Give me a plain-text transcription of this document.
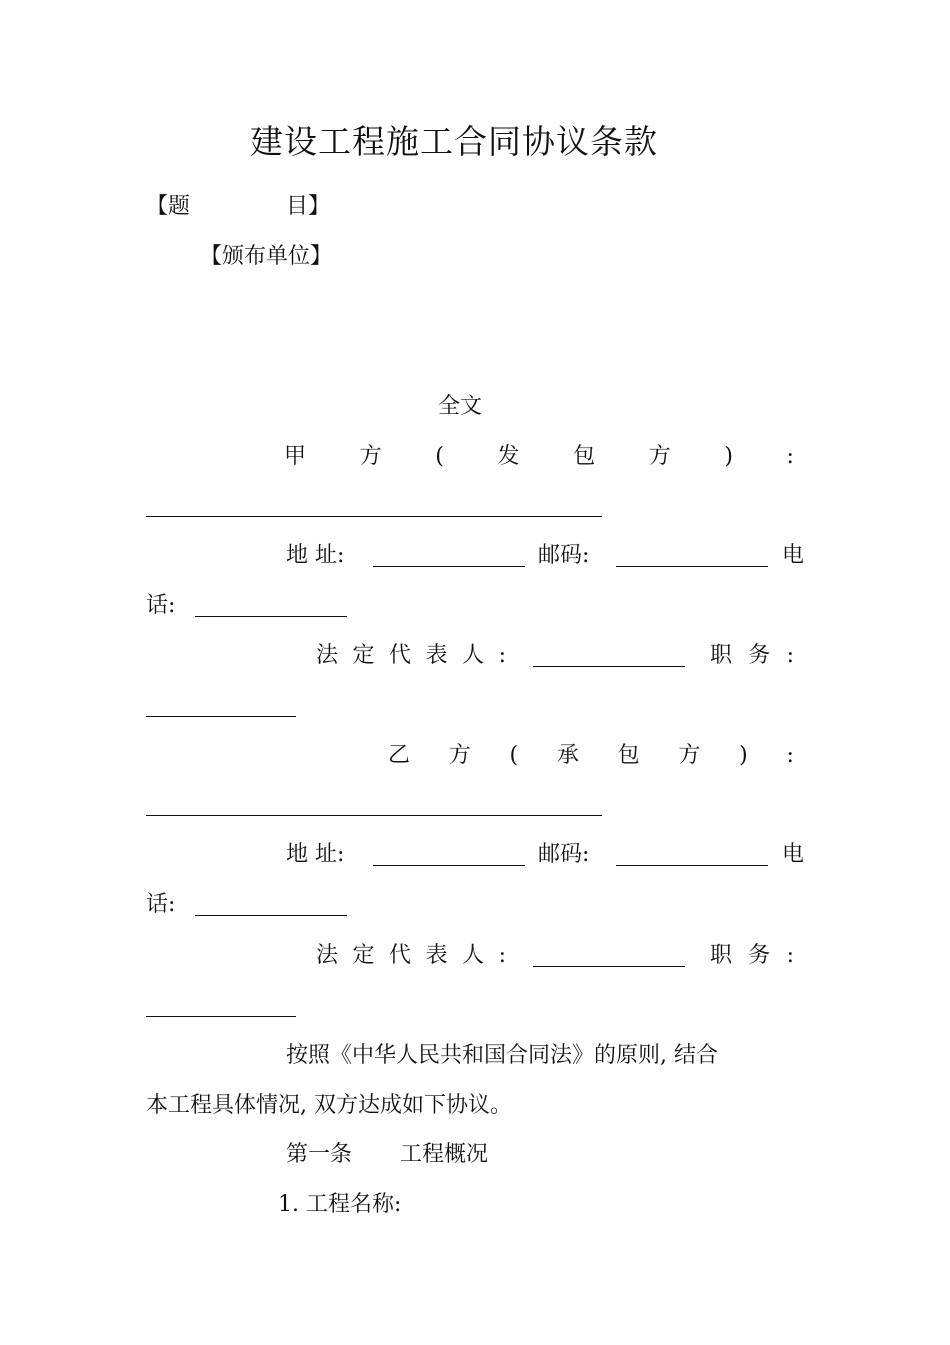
建设工程施工合同协议条款
【题	目】
【颁布单位】
全文
甲 方 ( 发 包 方 ) :
地 址:	邮码:	电
话:
法 定 代 表 人 :	职 务 :
乙 方 ( 承 包 方 ) :
地 址:	邮码:	电
话:
法 定 代 表 人 :	职 务 :
按照《中华人民共和国合同法》的原则, 结合
本工程具体情况, 双方达成如下协议。
第一条 工程概况
1. 工程名称:
